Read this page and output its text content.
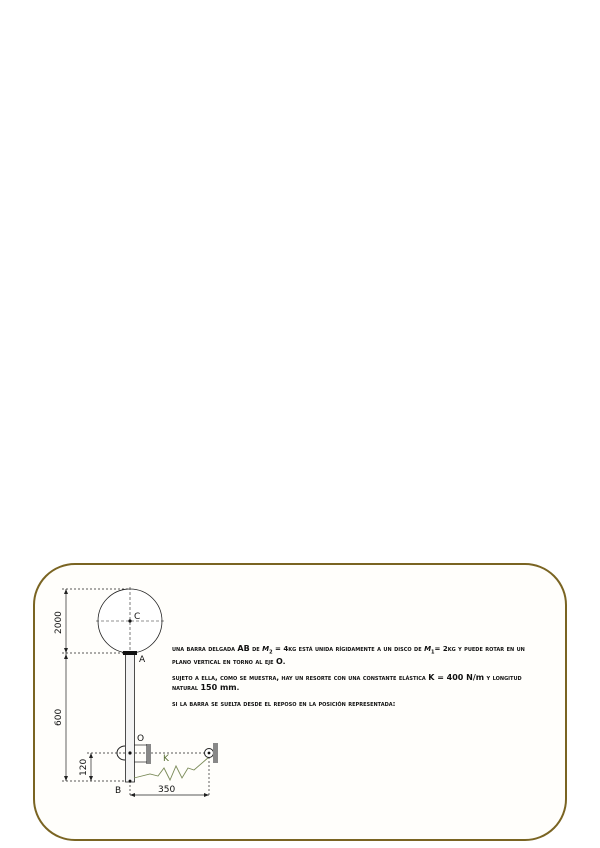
C
A
O
B
K
350
2000
600
120

una barra delgada AB de $M_2 = 4kg$ está unida rígidamente a un disco de $M_1= 2kg$ y puede rotar en un plano vertical en torno al eje O.

sujeto a ella, como se muestra, hay un resorte con una constante elástica K = 400 N/m y longitud natural 150 mm.

si la barra se suelta desde el reposo en la posición representada:
